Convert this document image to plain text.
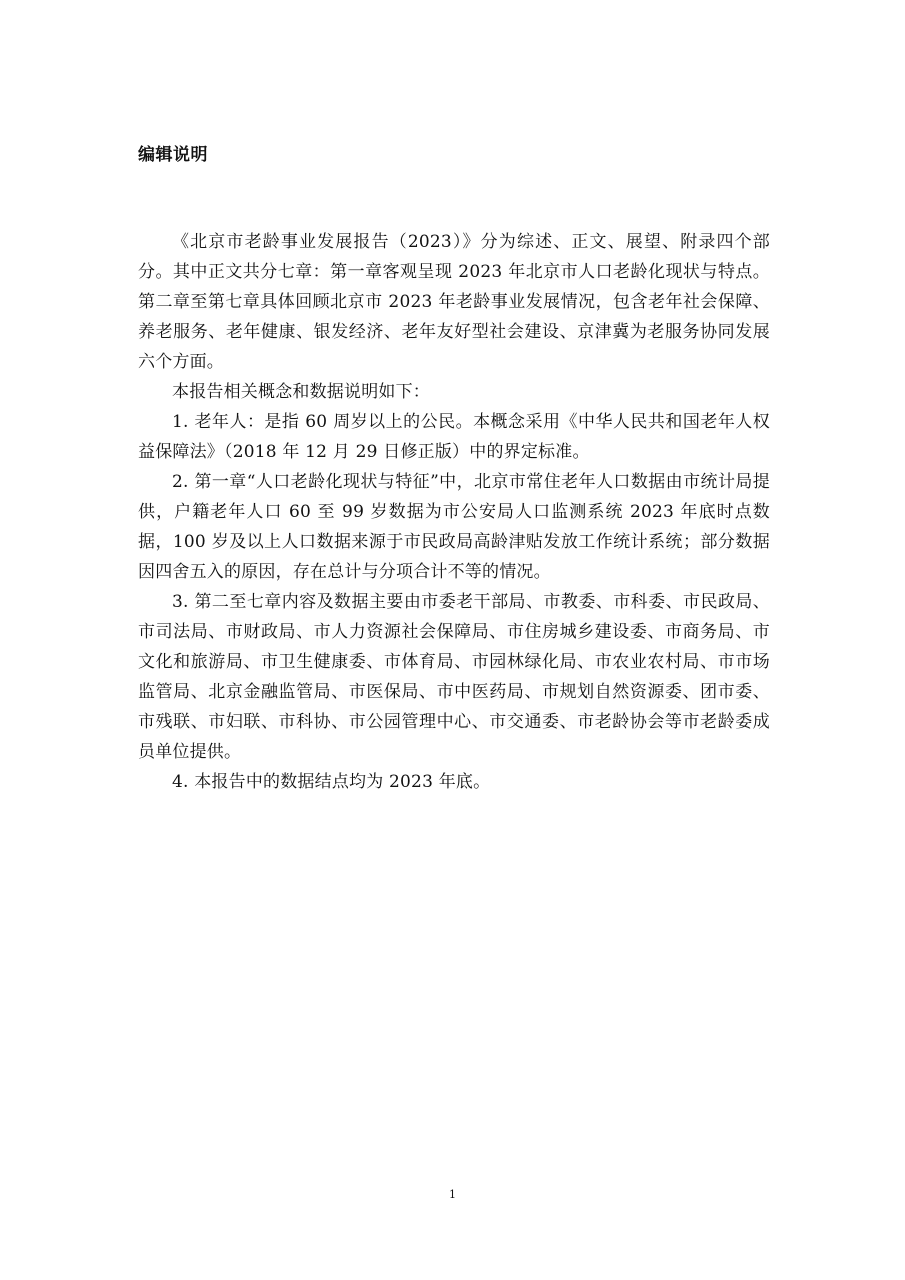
编辑说明

《北京市老龄事业发展报告（2023）》分为综述、正文、展望、附录四个部分。其中正文共分七章：第一章客观呈现 2023 年北京市人口老龄化现状与特点。第二章至第七章具体回顾北京市 2023 年老龄事业发展情况，包含老年社会保障、养老服务、老年健康、银发经济、老年友好型社会建设、京津冀为老服务协同发展六个方面。

本报告相关概念和数据说明如下：

1. 老年人：是指 60 周岁以上的公民。本概念采用《中华人民共和国老年人权益保障法》（2018 年 12 月 29 日修正版）中的界定标准。

2. 第一章“人口老龄化现状与特征”中，北京市常住老年人口数据由市统计局提供，户籍老年人口 60 至 99 岁数据为市公安局人口监测系统 2023 年底时点数据，100 岁及以上人口数据来源于市民政局高龄津贴发放工作统计系统；部分数据因四舍五入的原因，存在总计与分项合计不等的情况。

3. 第二至七章内容及数据主要由市委老干部局、市教委、市科委、市民政局、市司法局、市财政局、市人力资源社会保障局、市住房城乡建设委、市商务局、市文化和旅游局、市卫生健康委、市体育局、市园林绿化局、市农业农村局、市市场监管局、北京金融监管局、市医保局、市中医药局、市规划自然资源委、团市委、市残联、市妇联、市科协、市公园管理中心、市交通委、市老龄协会等市老龄委成员单位提供。

4. 本报告中的数据结点均为 2023 年底。

1
